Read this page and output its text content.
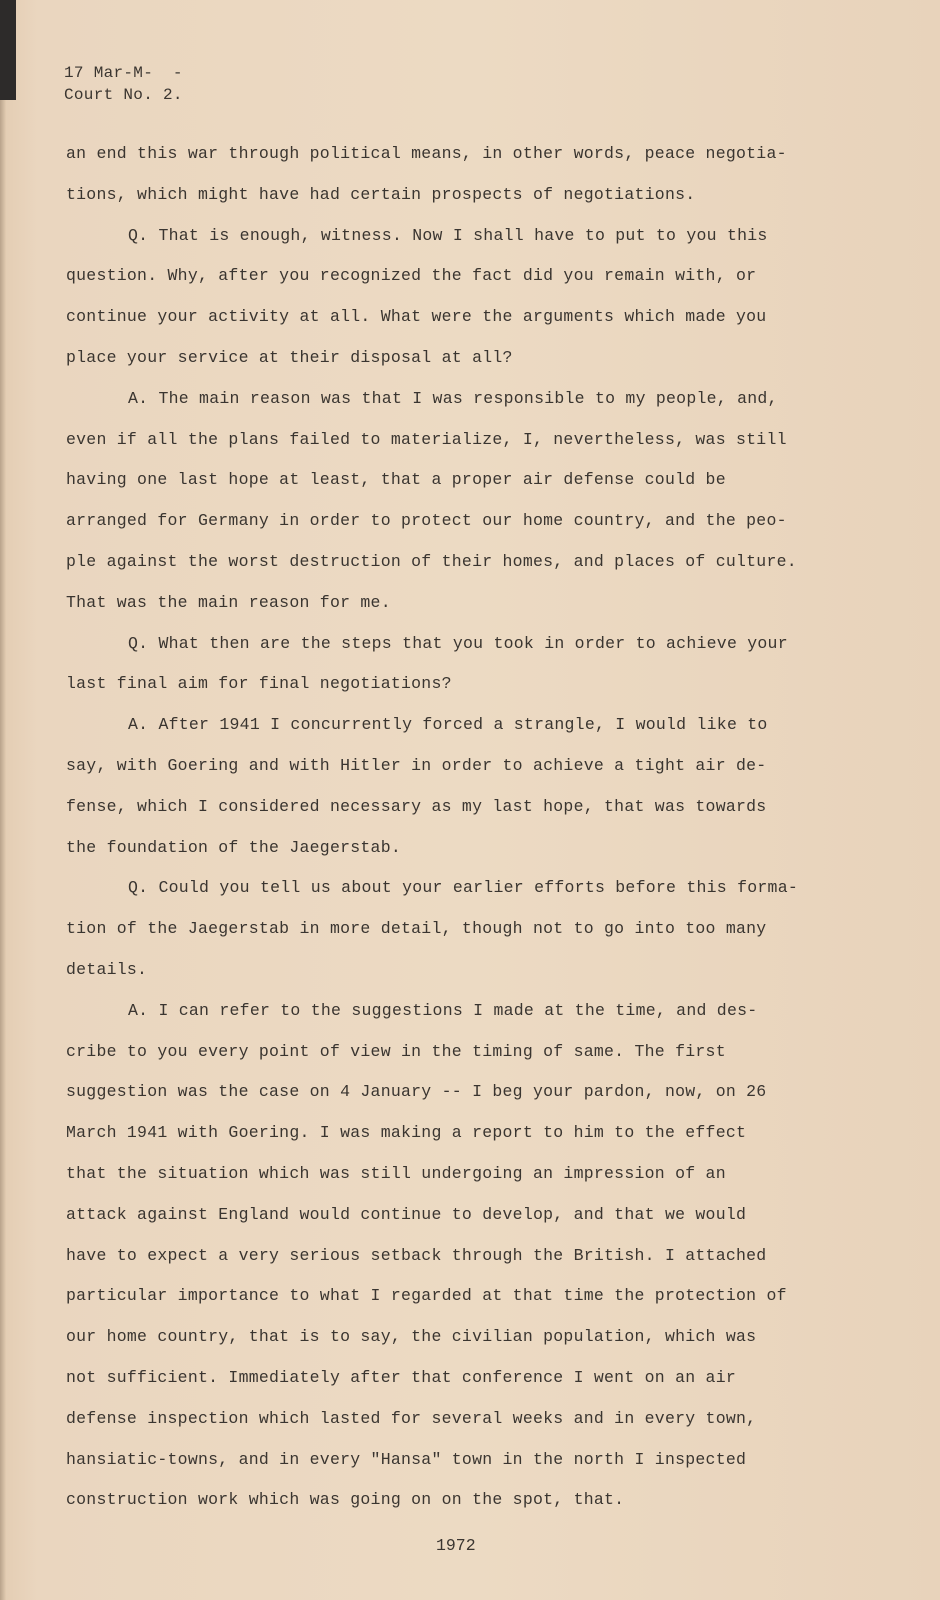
17 Mar-M-  -
Court No. 2.
an end this war through political means, in other words, peace negotia-
tions, which might have had certain prospects of negotiations.
Q. That is enough, witness. Now I shall have to put to you this
question. Why, after you recognized the fact did you remain with, or
continue your activity at all. What were the arguments which made you
place your service at their disposal at all?
A. The main reason was that I was responsible to my people, and,
even if all the plans failed to materialize, I, nevertheless, was still
having one last hope at least, that a proper air defense could be
arranged for Germany in order to protect our home country, and the peo-
ple against the worst destruction of their homes, and places of culture.
That was the main reason for me.
Q. What then are the steps that you took in order to achieve your
last final aim for final negotiations?
A. After 1941 I concurrently forced a strangle, I would like to
say, with Goering and with Hitler in order to achieve a tight air de-
fense, which I considered necessary as my last hope, that was towards
the foundation of the Jaegerstab.
Q. Could you tell us about your earlier efforts before this forma-
tion of the Jaegerstab in more detail, though not to go into too many
details.
A. I can refer to the suggestions I made at the time, and des-
cribe to you every point of view in the timing of same. The first
suggestion was the case on 4 January -- I beg your pardon, now, on 26
March 1941 with Goering. I was making a report to him to the effect
that the situation which was still undergoing an impression of an
attack against England would continue to develop, and that we would
have to expect a very serious setback through the British. I attached
particular importance to what I regarded at that time the protection of
our home country, that is to say, the civilian population, which was
not sufficient. Immediately after that conference I went on an air
defense inspection which lasted for several weeks and in every town,
hansiatic-towns, and in every "Hansa" town in the north I inspected
construction work which was going on on the spot, that.
1972
